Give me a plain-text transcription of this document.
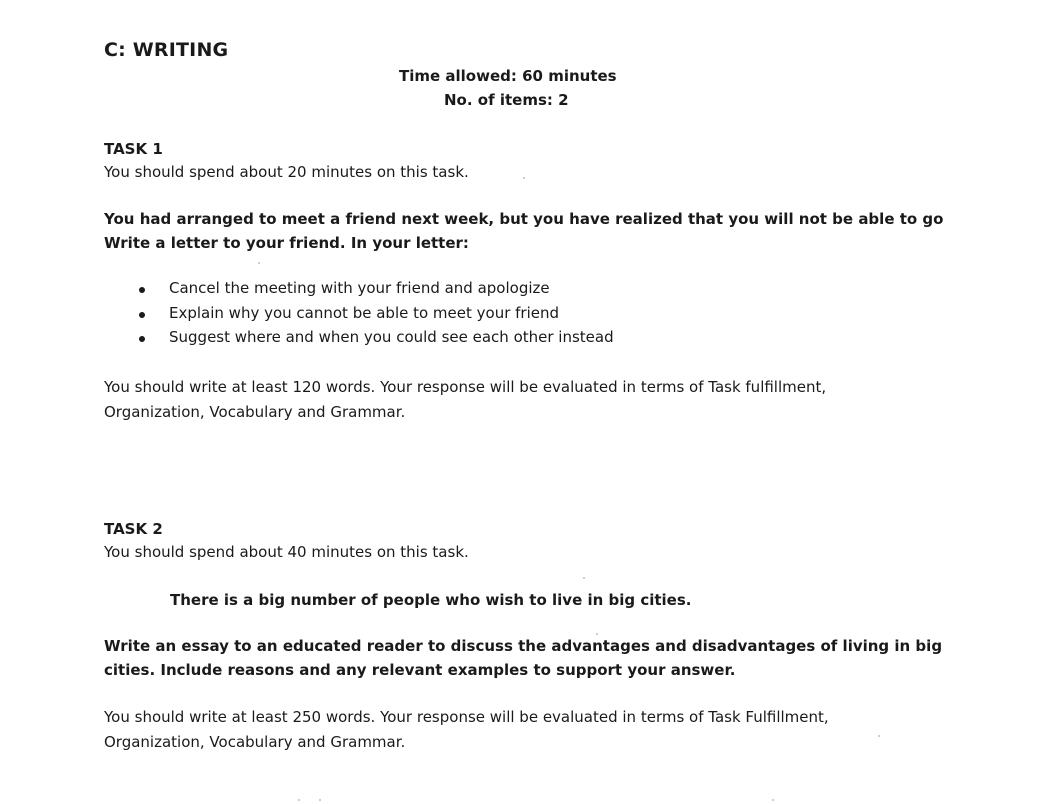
C: WRITING
Time allowed: 60 minutes
No. of items: 2
TASK 1
You should spend about 20 minutes on this task.
You had arranged to meet a friend next week, but you have realized that you will not be able to go
Write a letter to your friend. In your letter:
Cancel the meeting with your friend and apologize
Explain why you cannot be able to meet your friend
Suggest where and when you could see each other instead
You should write at least 120 words. Your response will be evaluated in terms of Task fulfillment,
Organization, Vocabulary and Grammar.
TASK 2
You should spend about 40 minutes on this task.
There is a big number of people who wish to live in big cities.
Write an essay to an educated reader to discuss the advantages and disadvantages of living in big
cities. Include reasons and any relevant examples to support your answer.
You should write at least 250 words. Your response will be evaluated in terms of Task Fulfillment,
Organization, Vocabulary and Grammar.
